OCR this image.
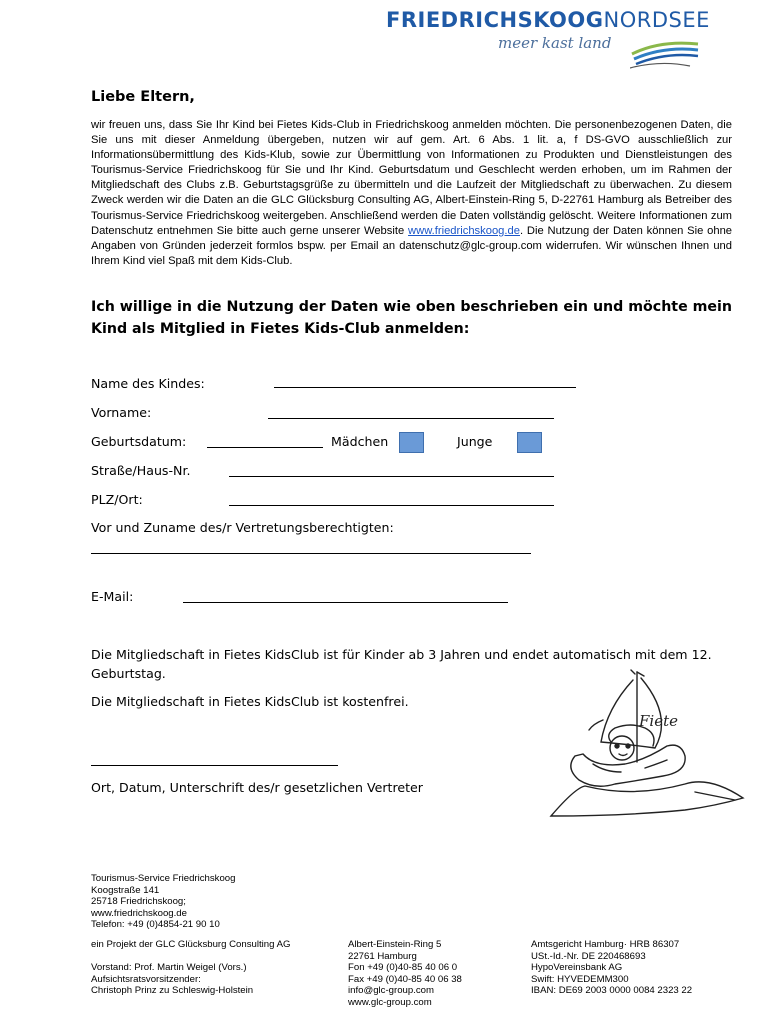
FRIEDRICHSKOOGNORDSEE
meer kast land
Liebe Eltern,
wir freuen uns, dass Sie Ihr Kind bei Fietes Kids-Club in Friedrichskoog anmelden möchten. Die personenbezogenen Daten, die Sie uns mit dieser Anmeldung übergeben, nutzen wir auf gem. Art. 6 Abs. 1 lit. a, f DS-GVO ausschließlich zur Informationsübermittlung des Kids-Klub, sowie zur Übermittlung von Informationen zu Produkten und Dienstleistungen des Tourismus-Service Friedrichskoog für Sie und Ihr Kind. Geburtsdatum und Geschlecht werden erhoben, um im Rahmen der Mitgliedschaft des Clubs z.B. Geburtstagsgrüße zu übermitteln und die Laufzeit der Mitgliedschaft zu überwachen. Zu diesem Zweck werden wir die Daten an die GLC Glücksburg Consulting AG, Albert-Einstein-Ring 5, D-22761 Hamburg als Betreiber des Tourismus-Service Friedrichskoog weitergeben. Anschließend werden die Daten vollständig gelöscht. Weitere Informationen zum Datenschutz entnehmen Sie bitte auch gerne unserer Website www.friedrichskoog.de. Die Nutzung der Daten können Sie ohne Angaben von Gründen jederzeit formlos bspw. per Email an datenschutz@glc-group.com widerrufen. Wir wünschen Ihnen und Ihrem Kind viel Spaß mit dem Kids-Club.
Ich willige in die Nutzung der Daten wie oben beschrieben ein und möchte mein Kind als Mitglied in Fietes Kids-Club anmelden:
Name des Kindes:
Vorname:
Geburtsdatum:	Mädchen	Junge
Straße/Haus-Nr.
PLZ/Ort:
Vor und Zuname des/r Vertretungsberechtigten:
E-Mail:
Die Mitgliedschaft in Fietes KidsClub ist für Kinder ab 3 Jahren und endet automatisch mit dem 12. Geburtstag.
Die Mitgliedschaft in Fietes KidsClub ist kostenfrei.
Ort, Datum, Unterschrift des/r gesetzlichen Vertreter
Fiete
Tourismus-Service Friedrichskoog
Koogstraße 141
25718 Friedrichskoog;
www.friedrichskoog.de
Telefon: +49 (0)4854-21 90 10
ein Projekt der GLC Glücksburg Consulting AG

Vorstand: Prof. Martin Weigel (Vors.)
Aufsichtsratsvorsitzender:
Christoph Prinz zu Schleswig-Holstein
Albert-Einstein-Ring 5
22761 Hamburg
Fon +49 (0)40-85 40 06 0
Fax +49 (0)40-85 40 06 38
info@glc-group.com
www.glc-group.com
Amtsgericht Hamburg· HRB 86307
USt.-Id.-Nr. DE 220468693
HypoVereinsbank AG
Swift: HYVEDEMM300
IBAN: DE69 2003 0000 0084 2323 22
